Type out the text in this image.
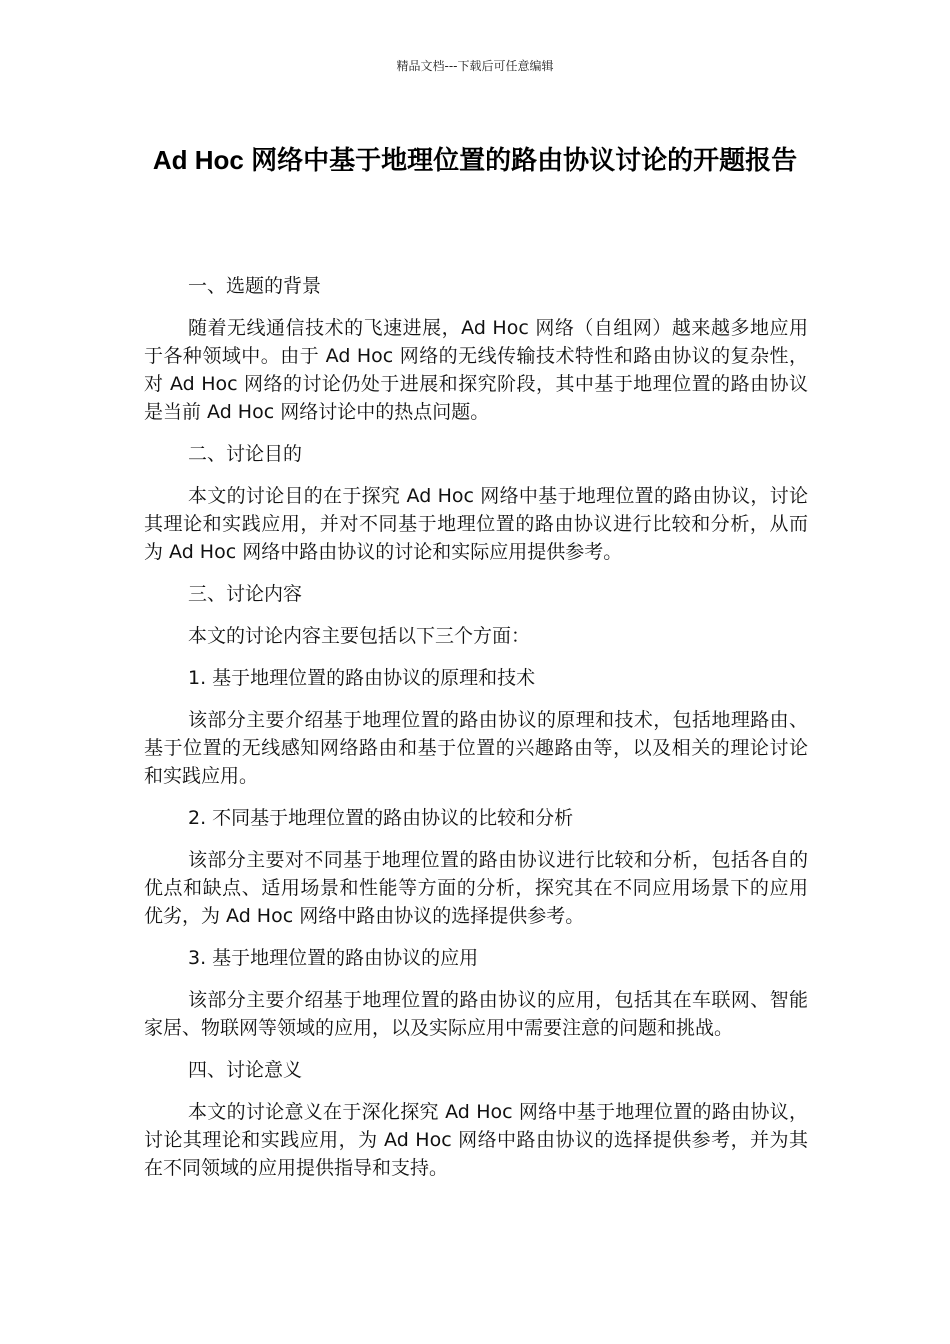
精品文档---下载后可任意编辑
Ad Hoc 网络中基于地理位置的路由协议讨论的开题报告

一、选题的背景

随着无线通信技术的飞速进展，Ad Hoc 网络（自组网）越来越多地应用于各种领域中。由于 Ad Hoc 网络的无线传输技术特性和路由协议的复杂性，对 Ad Hoc 网络的讨论仍处于进展和探究阶段，其中基于地理位置的路由协议是当前 Ad Hoc 网络讨论中的热点问题。

二、讨论目的

本文的讨论目的在于探究 Ad Hoc 网络中基于地理位置的路由协议，讨论其理论和实践应用，并对不同基于地理位置的路由协议进行比较和分析，从而为 Ad Hoc 网络中路由协议的讨论和实际应用提供参考。

三、讨论内容

本文的讨论内容主要包括以下三个方面：

1. 基于地理位置的路由协议的原理和技术

该部分主要介绍基于地理位置的路由协议的原理和技术，包括地理路由、基于位置的无线感知网络路由和基于位置的兴趣路由等，以及相关的理论讨论和实践应用。

2. 不同基于地理位置的路由协议的比较和分析

该部分主要对不同基于地理位置的路由协议进行比较和分析，包括各自的优点和缺点、适用场景和性能等方面的分析，探究其在不同应用场景下的应用优劣，为 Ad Hoc 网络中路由协议的选择提供参考。

3. 基于地理位置的路由协议的应用

该部分主要介绍基于地理位置的路由协议的应用，包括其在车联网、智能家居、物联网等领域的应用，以及实际应用中需要注意的问题和挑战。

四、讨论意义

本文的讨论意义在于深化探究 Ad Hoc 网络中基于地理位置的路由协议，讨论其理论和实践应用，为 Ad Hoc 网络中路由协议的选择提供参考，并为其在不同领域的应用提供指导和支持。
